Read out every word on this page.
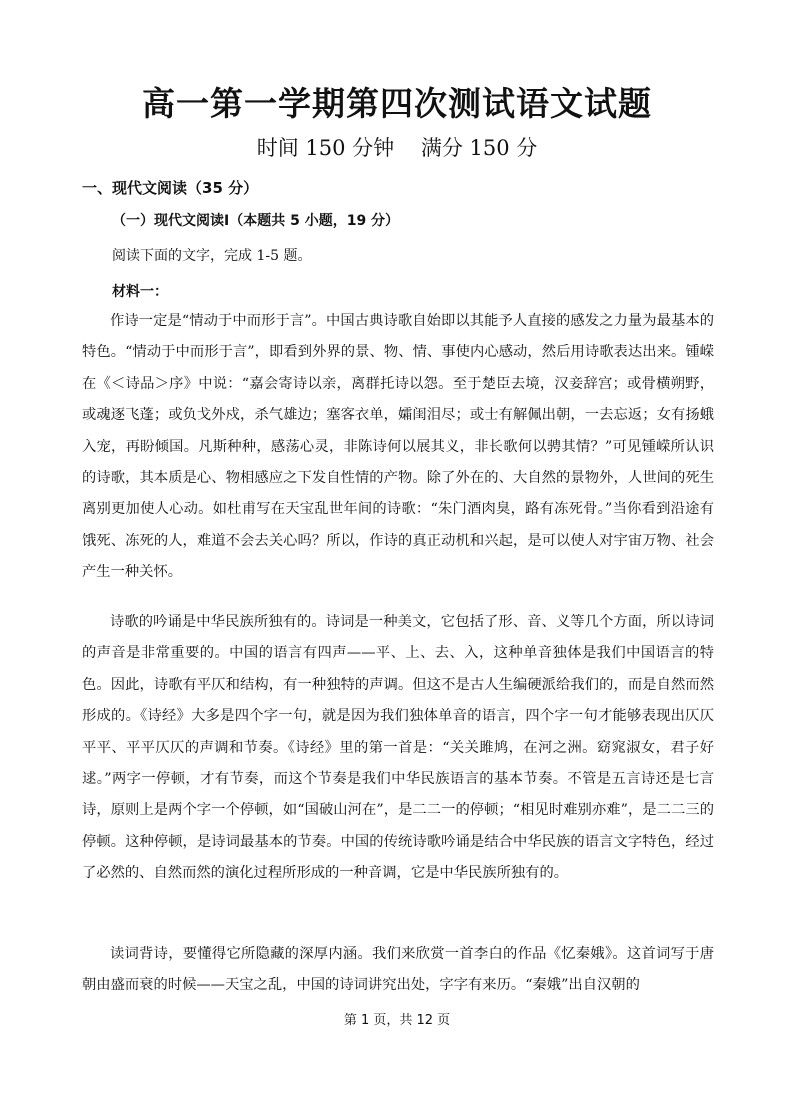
高一第一学期第四次测试语文试题
时间 150 分钟    满分 150 分
一、现代文阅读（35 分）
（一）现代文阅读Ⅰ（本题共 5 小题，19 分）
阅读下面的文字，完成 1-5 题。
材料一：

作诗一定是“情动于中而形于言”。中国古典诗歌自始即以其能予人直接的感发之力量为最基本的特色。“情动于中而形于言”，即看到外界的景、物、情、事使内心感动，然后用诗歌表达出来。锺嵘在《＜诗品＞序》中说：“嘉会寄诗以亲，离群托诗以怨。至于楚臣去境，汉妾辞宫；或骨横朔野，或魂逐飞蓬；或负戈外戍，杀气雄边；塞客衣单，孀闺泪尽；或士有解佩出朝，一去忘返；女有扬蛾入宠，再盼倾国。凡斯种种，感荡心灵，非陈诗何以展其义，非长歌何以骋其情？”可见锺嵘所认识的诗歌，其本质是心、物相感应之下发自性情的产物。除了外在的、大自然的景物外，人世间的死生离别更加使人心动。如杜甫写在天宝乱世年间的诗歌：“朱门酒肉臭，路有冻死骨。”当你看到沿途有饿死、冻死的人，难道不会去关心吗？所以，作诗的真正动机和兴起，是可以使人对宇宙万物、社会产生一种关怀。

诗歌的吟诵是中华民族所独有的。诗词是一种美文，它包括了形、音、义等几个方面，所以诗词的声音是非常重要的。中国的语言有四声——平、上、去、入，这种单音独体是我们中国语言的特色。因此，诗歌有平仄和结构，有一种独特的声调。但这不是古人生编硬派给我们的，而是自然而然形成的。《诗经》大多是四个字一句，就是因为我们独体单音的语言，四个字一句才能够表现出仄仄平平、平平仄仄的声调和节奏。《诗经》里的第一首是：“关关雎鸠，在河之洲。窈窕淑女，君子好逑。”两字一停顿，才有节奏，而这个节奏是我们中华民族语言的基本节奏。不管是五言诗还是七言诗，原则上是两个字一个停顿，如“国破山河在”，是二二一的停顿；“相见时难别亦难”，是二二三的停顿。这种停顿，是诗词最基本的节奏。中国的传统诗歌吟诵是结合中华民族的语言文字特色，经过了必然的、自然而然的演化过程所形成的一种音调，它是中华民族所独有的。

读词背诗，要懂得它所隐藏的深厚内涵。我们来欣赏一首李白的作品《忆秦娥》。这首词写于唐朝由盛而衰的时候——天宝之乱，中国的诗词讲究出处，字字有来历。“秦娥”出自汉朝的

第 1 页，共 12 页
